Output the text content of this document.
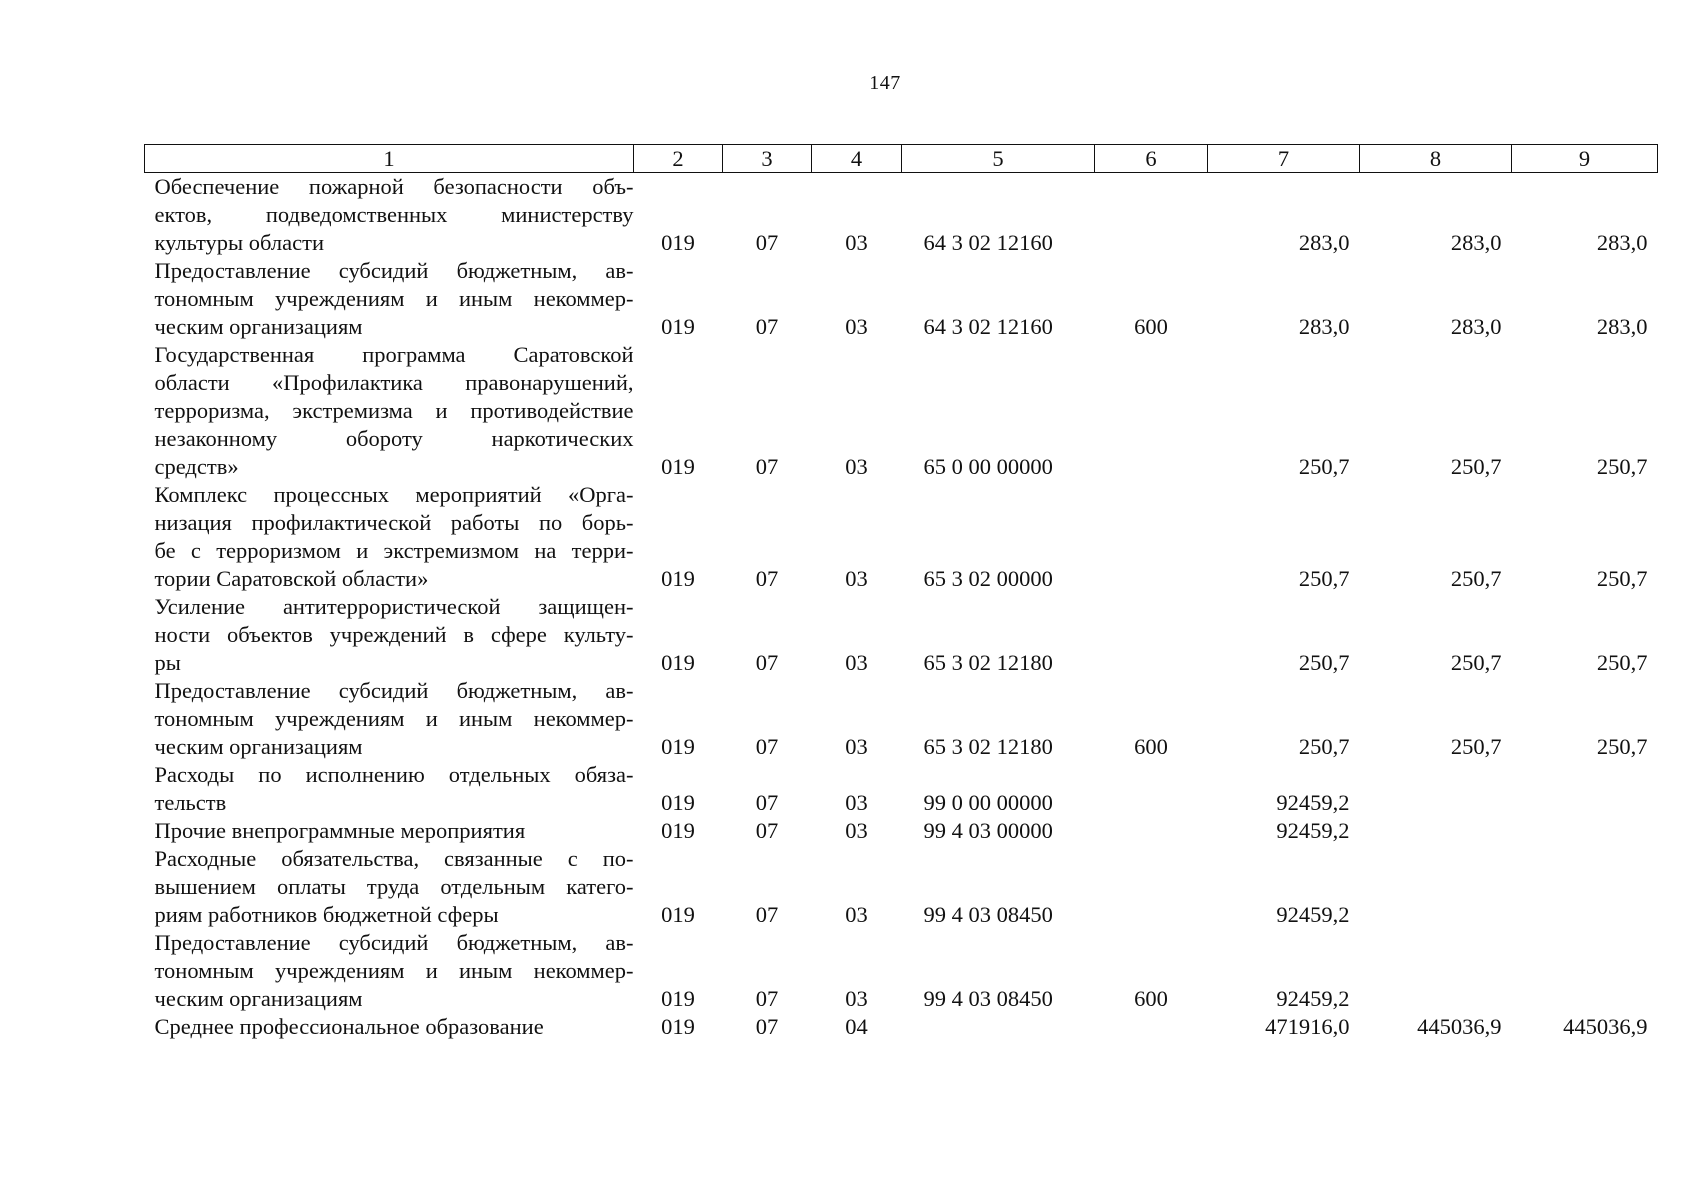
147
1	2	3	4	5	6	7	8	9

Обеспечение пожарной безопасности объ-
ектов, подведомственных министерству
культуры области	019	07	03	64 3 02 12160		283,0	283,0	283,0

Предоставление субсидий бюджетным, ав-
тономным учреждениям и иным некоммер-
ческим организациям	019	07	03	64 3 02 12160	600	283,0	283,0	283,0

Государственная программа Саратовской
области «Профилактика правонарушений,
терроризма, экстремизма и противодействие
незаконному обороту наркотических
средств»	019	07	03	65 0 00 00000		250,7	250,7	250,7

Комплекс процессных мероприятий «Орга-
низация профилактической работы по борь-
бе с терроризмом и экстремизмом на терри-
тории Саратовской области»	019	07	03	65 3 02 00000		250,7	250,7	250,7

Усиление антитеррористической защищен-
ности объектов учреждений в сфере культу-
ры	019	07	03	65 3 02 12180		250,7	250,7	250,7

Предоставление субсидий бюджетным, ав-
тономным учреждениям и иным некоммер-
ческим организациям	019	07	03	65 3 02 12180	600	250,7	250,7	250,7

Расходы по исполнению отдельных обяза-
тельств	019	07	03	99 0 00 00000		92459,2		

Прочие внепрограммные мероприятия	019	07	03	99 4 03 00000		92459,2		

Расходные обязательства, связанные с по-
вышением оплаты труда отдельным катего-
риям работников бюджетной сферы	019	07	03	99 4 03 08450		92459,2		

Предоставление субсидий бюджетным, ав-
тономным учреждениям и иным некоммер-
ческим организациям	019	07	03	99 4 03 08450	600	92459,2		

Среднее профессиональное образование	019	07	04			471916,0	445036,9	445036,9
